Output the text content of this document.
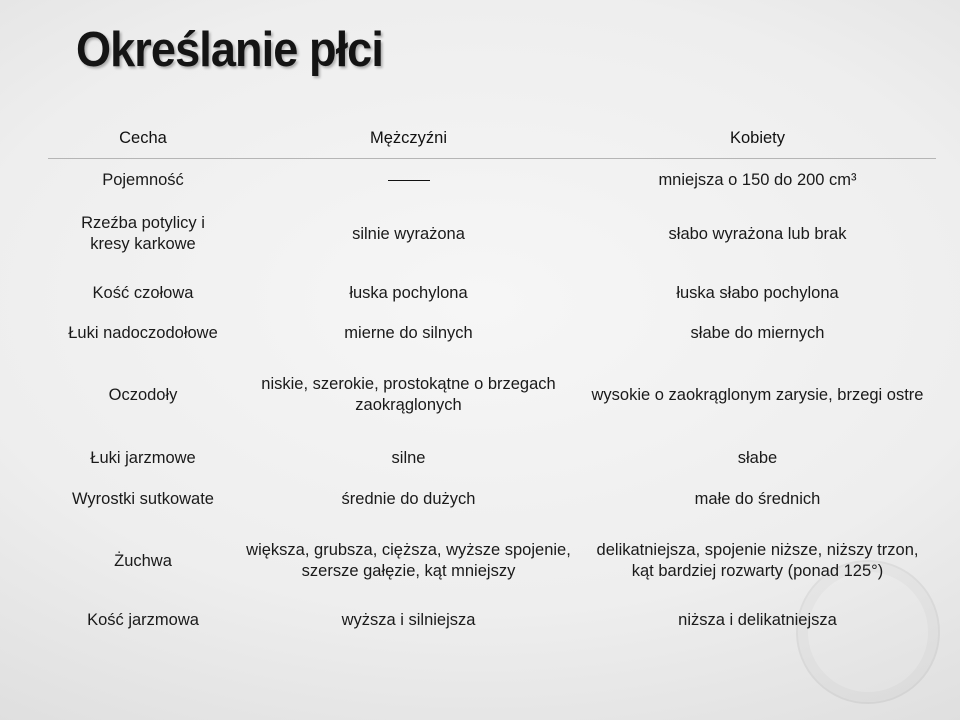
Określanie płci
Cecha	Mężczyźni	Kobiety
Pojemność		mniejsza o 150 do 200 cm³
Rzeźba potylicy i kresy karkowe	silnie wyrażona	słabo wyrażona lub brak
Kość czołowa	łuska pochylona	łuska słabo pochylona
Łuki nadoczodołowe	mierne do silnych	słabe do miernych
Oczodoły	niskie, szerokie, prostokątne o brzegach zaokrąglonych	wysokie o zaokrąglonym zarysie, brzegi ostre
Łuki jarzmowe	silne	słabe
Wyrostki sutkowate	średnie do dużych	małe do średnich
Żuchwa	większa, grubsza, cięższa, wyższe spojenie, szersze gałęzie, kąt mniejszy	delikatniejsza, spojenie niższe, niższy trzon, kąt bardziej rozwarty (ponad 125°)
Kość jarzmowa	wyższa i silniejsza	niższa i delikatniejsza
